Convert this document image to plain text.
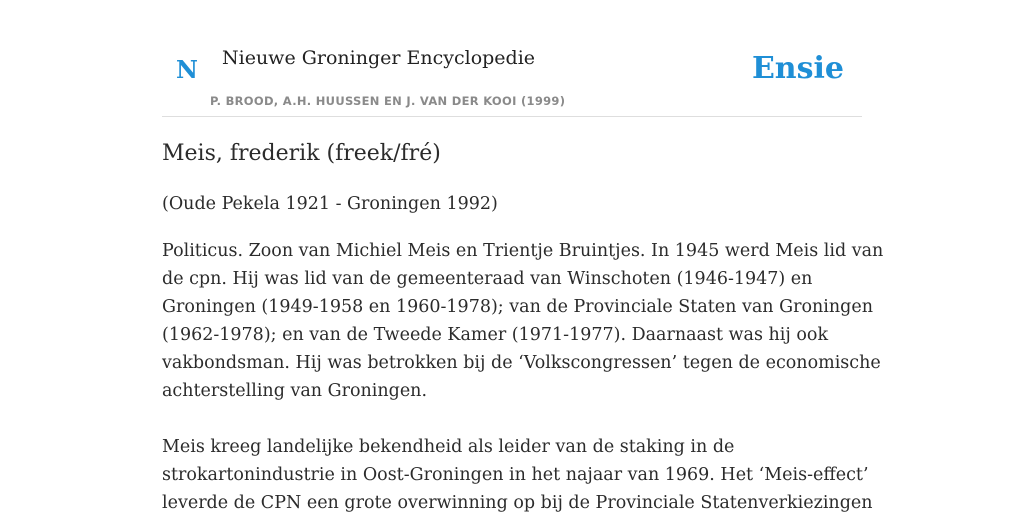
N Nieuwe Groninger Encyclopedie
P. BROOD, A.H. HUUSSEN EN J. VAN DER KOOI (1999)
Ensie
Meis, frederik (freek/fré)

(Oude Pekela 1921 - Groningen 1992)

Politicus. Zoon van Michiel Meis en Trientje Bruintjes. In 1945 werd Meis lid van
de cpn. Hij was lid van de gemeenteraad van Winschoten (1946-1947) en
Groningen (1949-1958 en 1960-1978); van de Provinciale Staten van Groningen
(1962-1978); en van de Tweede Kamer (1971-1977). Daarnaast was hij ook
vakbondsman. Hij was betrokken bij de ‘Volkscongressen’ tegen de economische
achterstelling van Groningen.

Meis kreeg landelijke bekendheid als leider van de staking in de
strokartonindustrie in Oost-Groningen in het najaar van 1969. Het ‘Meis-effect’
leverde de CPN een grote overwinning op bij de Provinciale Statenverkiezingen
